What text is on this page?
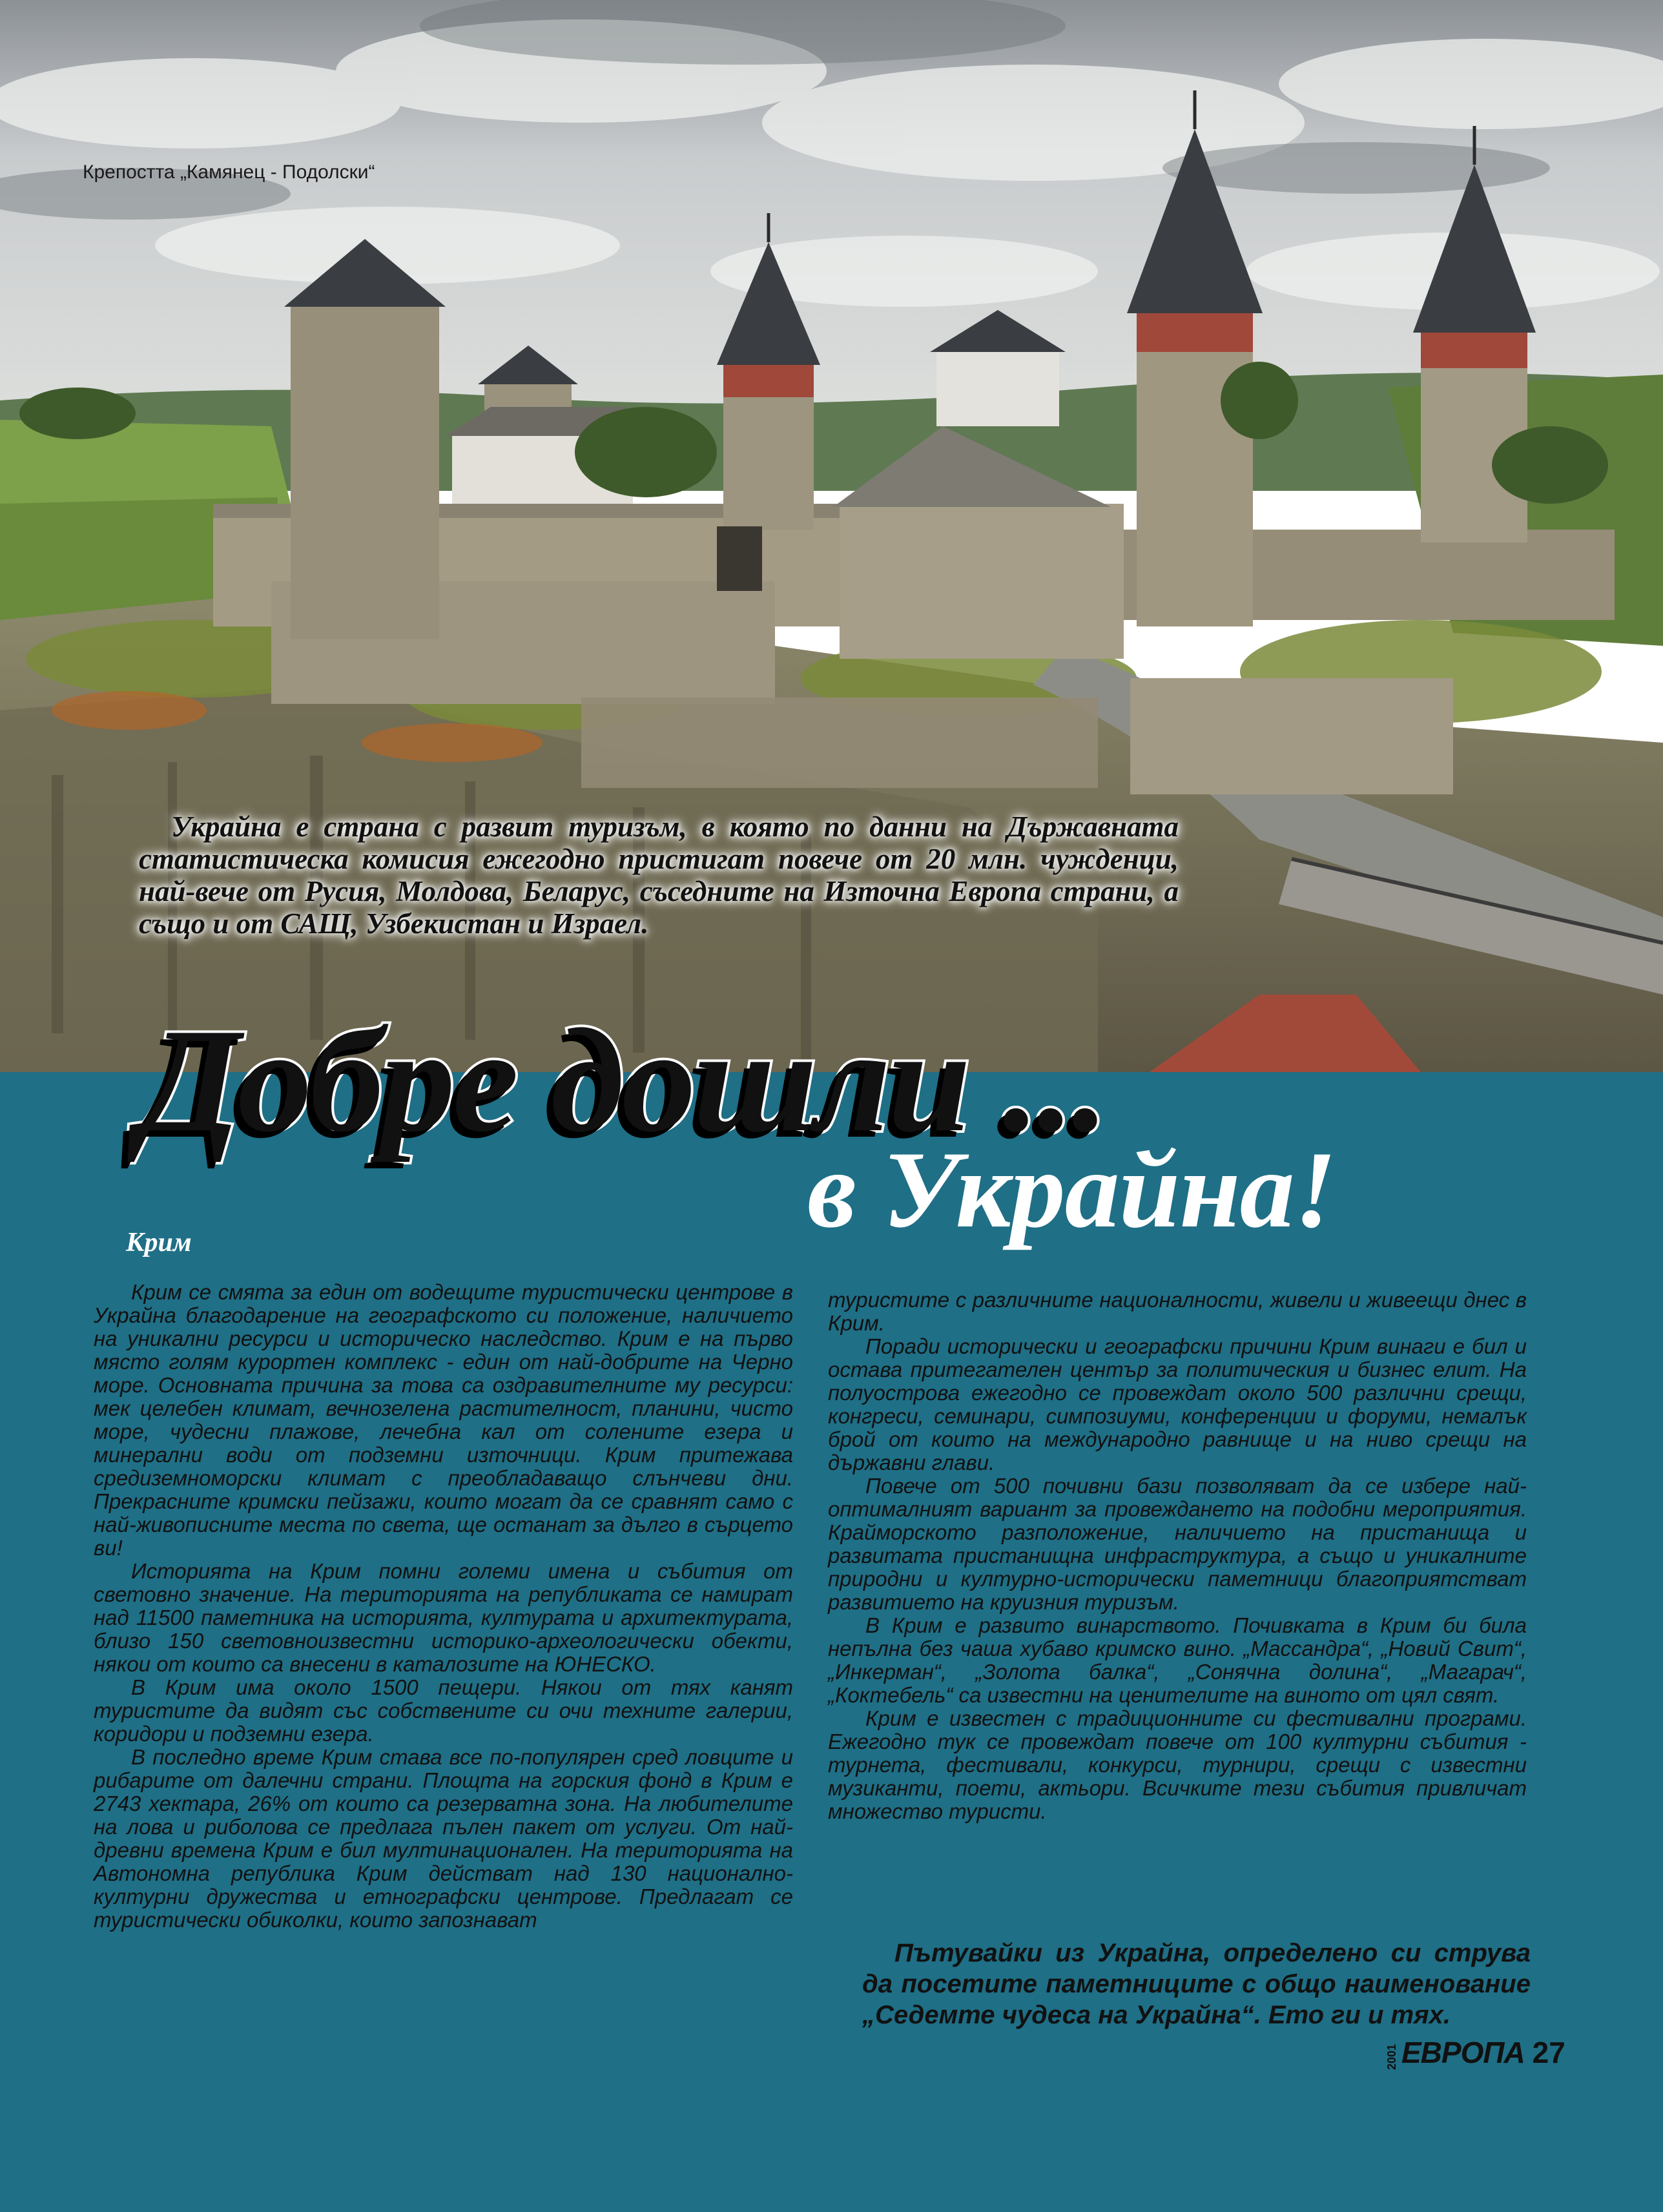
Крепостта „Камянец - Подолски“

Украйна е страна с развит туризъм, в която по данни на Държавната статистическа комисия ежегодно пристигат повече от 20 млн. чужденци, най-вече от Русия, Молдова, Беларус, съседните на Източна Европа страни, а също и от САЩ, Узбекистан и Израел.

Добре дошли ...
в Украйна!
Крим

Крим се смята за един от водещите туристически центрове в Украйна благодарение на географското си положение, наличието на уникални ресурси и историческо наследство. Крим е на първо място голям курортен комплекс - един от най-добрите на Черно море. Основната причина за това са оздравителните му ресурси: мек целебен климат, вечнозелена растителност, планини, чисто море, чудесни плажове, лечебна кал от солените езера и минерални води от подземни източници. Крим притежава средиземноморски климат с преобладаващо слънчеви дни. Прекрасните кримски пейзажи, които могат да се сравнят само с най-живописните места по света, ще останат за дълго в сърцето ви!

Историята на Крим помни големи имена и събития от световно значение. На територията на републиката се намират над 11500 паметника на историята, културата и архитектурата, близо 150 световноизвестни историко-археологически обекти, някои от които са внесени в каталозите на ЮНЕСКО.

В Крим има около 1500 пещери. Някои от тях канят туристите да видят със собствените си очи техните галерии, коридори и подземни езера.

В последно време Крим става все по-популярен сред ловците и рибарите от далечни страни. Площта на горския фонд в Крим е 2743 хектара, 26% от които са резерватна зона. На любителите на лова и риболова се предлага пълен пакет от услуги. От най-древни времена Крим е бил мултинационален. На територията на Автономна република Крим действат над 130 национално-културни дружества и етнографски центрове. Предлагат се туристически обиколки, които запознават

туристите с различните националности, живели и живеещи днес в Крим.

Поради исторически и географски причини Крим винаги е бил и остава притегателен център за политическия и бизнес елит. На полуострова ежегодно се провеждат около 500 различни срещи, конгреси, семинари, симпозиуми, конференции и форуми, немалък брой от които на международно равнище и на ниво срещи на държавни глави.

Повече от 500 почивни бази позволяват да се избере най-оптималният вариант за провеждането на подобни мероприятия. Крайморското разположение, наличието на пристанища и развитата пристанищна инфраструктура, а също и уникалните природни и културно-исторически паметници благоприятстват развитието на круизния туризъм.

В Крим е развито винарството. Почивката в Крим би била непълна без чаша хубаво кримско вино. „Массандра“, „Новий Свит“, „Инкерман“, „Золота балка“, „Сонячна долина“, „Магарач“, „Коктебель“ са известни на ценителите на виното от цял свят.

Крим е известен с традиционните си фестивални програми. Ежегодно тук се провеждат повече от 100 културни събития - турнета, фестивали, конкурси, турнири, срещи с известни музиканти, поети, актьори. Всичките тези събития привличат множество туристи.

Пътувайки из Украйна, определено си струва да посетите паметниците с общо наименование „Седемте чудеса на Украйна“. Ето ги и тях.

2001 ЕВРОПА 27
